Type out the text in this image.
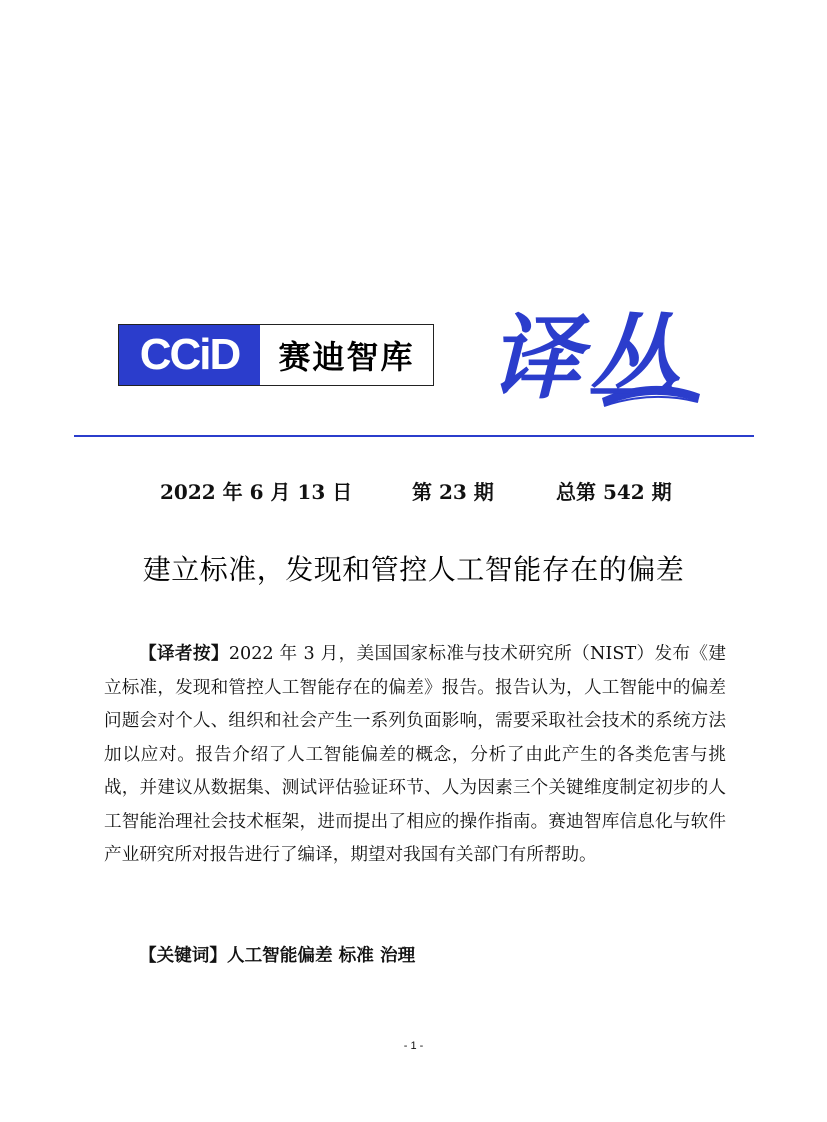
CCiD	赛迪智库 译丛
2022 年 6 月 13 日	第 23 期	总第 542 期
建立标准，发现和管控人工智能存在的偏差
【译者按】2022 年 3 月，美国国家标准与技术研究所（NIST）发布《建立标准，发现和管控人工智能存在的偏差》报告。报告认为，人工智能中的偏差问题会对个人、组织和社会产生一系列负面影响，需要采取社会技术的系统方法加以应对。报告介绍了人工智能偏差的概念，分析了由此产生的各类危害与挑战，并建议从数据集、测试评估验证环节、人为因素三个关键维度制定初步的人工智能治理社会技术框架，进而提出了相应的操作指南。赛迪智库信息化与软件产业研究所对报告进行了编译，期望对我国有关部门有所帮助。
【关键词】人工智能偏差 标准 治理
- 1 -
